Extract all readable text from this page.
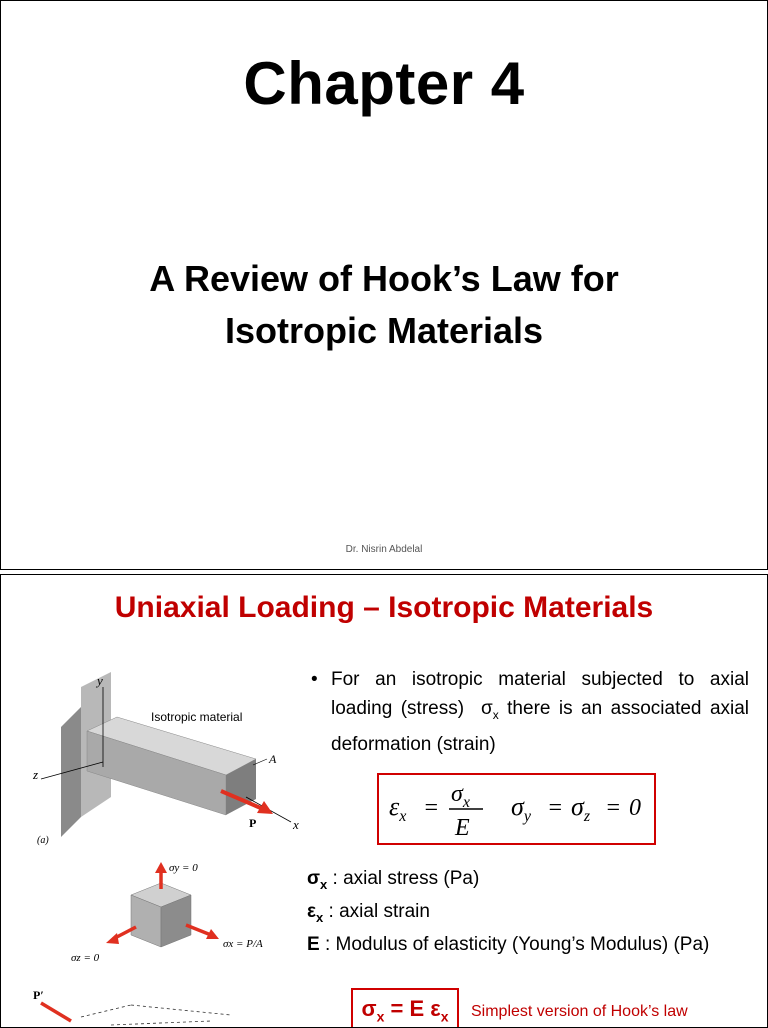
Chapter 4
A Review of Hook’s Law for
Isotropic Materials
Dr. Nisrin Abdelal
Uniaxial Loading – Isotropic Materials
y
z
x
A
P
Isotropic material
(a)
σy = 0
σz = 0
σx = P/A
P′
• For an isotropic material subjected to axial loading (stress) $\sigma_x$ there is an associated axial deformation (strain)
$\varepsilon_x$ =
$\sigma_x$
E
$\sigma_y = \sigma_z = 0$
$\sigma_x$ : axial stress (Pa)
$\varepsilon_x$ : axial strain
E : Modulus of elasticity (Young’s Modulus) (Pa)
$\sigma_x = E$ $\varepsilon_x$	Simplest version of Hook’s law
